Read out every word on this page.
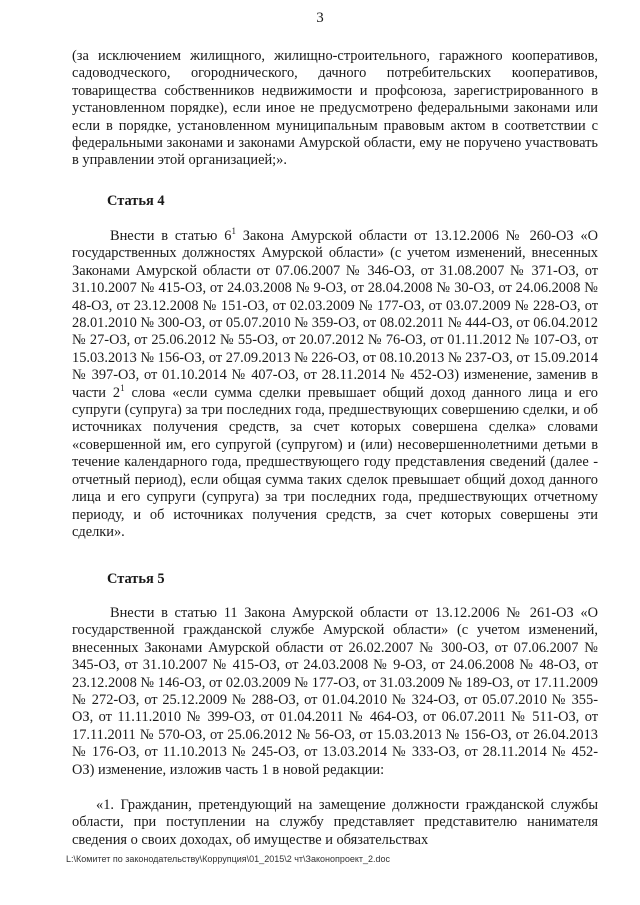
3
(за исключением жилищного, жилищно-строительного, гаражного кооперативов, садоводческого, огороднического, дачного потребительских кооперативов, товарищества собственников недвижимости и профсоюза, зарегистрированного в установленном порядке), если иное не предусмотрено федеральными законами или если в порядке, установленном муниципальным правовым актом в соответствии с федеральными законами и законами Амурской области, ему не поручено участвовать в управлении этой организацией;».
Статья 4
Внести в статью $6^1$ Закона Амурской области от 13.12.2006 № 260-ОЗ «О государственных должностях Амурской области» (с учетом изменений, внесенных Законами Амурской области от 07.06.2007 № 346-ОЗ, от 31.08.2007 № 371-ОЗ, от 31.10.2007 № 415-ОЗ, от 24.03.2008 № 9-ОЗ, от 28.04.2008 № 30-ОЗ, от 24.06.2008 № 48-ОЗ, от 23.12.2008 № 151-ОЗ, от 02.03.2009 № 177-ОЗ, от 03.07.2009 № 228-ОЗ, от 28.01.2010 № 300-ОЗ, от 05.07.2010 № 359-ОЗ, от 08.02.2011 № 444-ОЗ, от 06.04.2012 № 27-ОЗ, от 25.06.2012 № 55-ОЗ, от 20.07.2012 № 76-ОЗ, от 01.11.2012 № 107-ОЗ, от 15.03.2013 № 156-ОЗ, от 27.09.2013 № 226-ОЗ, от 08.10.2013 № 237-ОЗ, от 15.09.2014 № 397-ОЗ, от 01.10.2014 № 407-ОЗ, от 28.11.2014 № 452-ОЗ) изменение, заменив в части $2^1$ слова «если сумма сделки превышает общий доход данного лица и его супруги (супруга) за три последних года, предшествующих совершению сделки, и об источниках получения средств, за счет которых совершена сделка» словами «совершенной им, его супругой (супругом) и (или) несовершеннолетними детьми в течение календарного года, предшествующего году представления сведений (далее - отчетный период), если общая сумма таких сделок превышает общий доход данного лица и его супруги (супруга) за три последних года, предшествующих отчетному периоду, и об источниках получения средств, за счет которых совершены эти сделки».
Статья 5
Внести в статью 11 Закона Амурской области от 13.12.2006 № 261-ОЗ «О государственной гражданской службе Амурской области» (с учетом изменений, внесенных Законами Амурской области от 26.02.2007 № 300-ОЗ, от 07.06.2007 № 345-ОЗ, от 31.10.2007 № 415-ОЗ, от 24.03.2008 № 9-ОЗ, от 24.06.2008 № 48-ОЗ, от 23.12.2008 № 146-ОЗ, от 02.03.2009 № 177-ОЗ, от 31.03.2009 № 189-ОЗ, от 17.11.2009 № 272-ОЗ, от 25.12.2009 № 288-ОЗ, от 01.04.2010 № 324-ОЗ, от 05.07.2010 № 355-ОЗ, от 11.11.2010 № 399-ОЗ, от 01.04.2011 № 464-ОЗ, от 06.07.2011 № 511-ОЗ, от 17.11.2011 № 570-ОЗ, от 25.06.2012 № 56-ОЗ, от 15.03.2013 № 156-ОЗ, от 26.04.2013 № 176-ОЗ, от 11.10.2013 № 245-ОЗ, от 13.03.2014 № 333-ОЗ, от 28.11.2014 № 452-ОЗ) изменение, изложив часть 1 в новой редакции:
«1. Гражданин, претендующий на замещение должности гражданской службы области, при поступлении на службу представляет представителю нанимателя сведения о своих доходах, об имуществе и обязательствах
L:\Комитет по законодательству\Коррупция\01_2015\2 чт\Законопроект_2.doc
